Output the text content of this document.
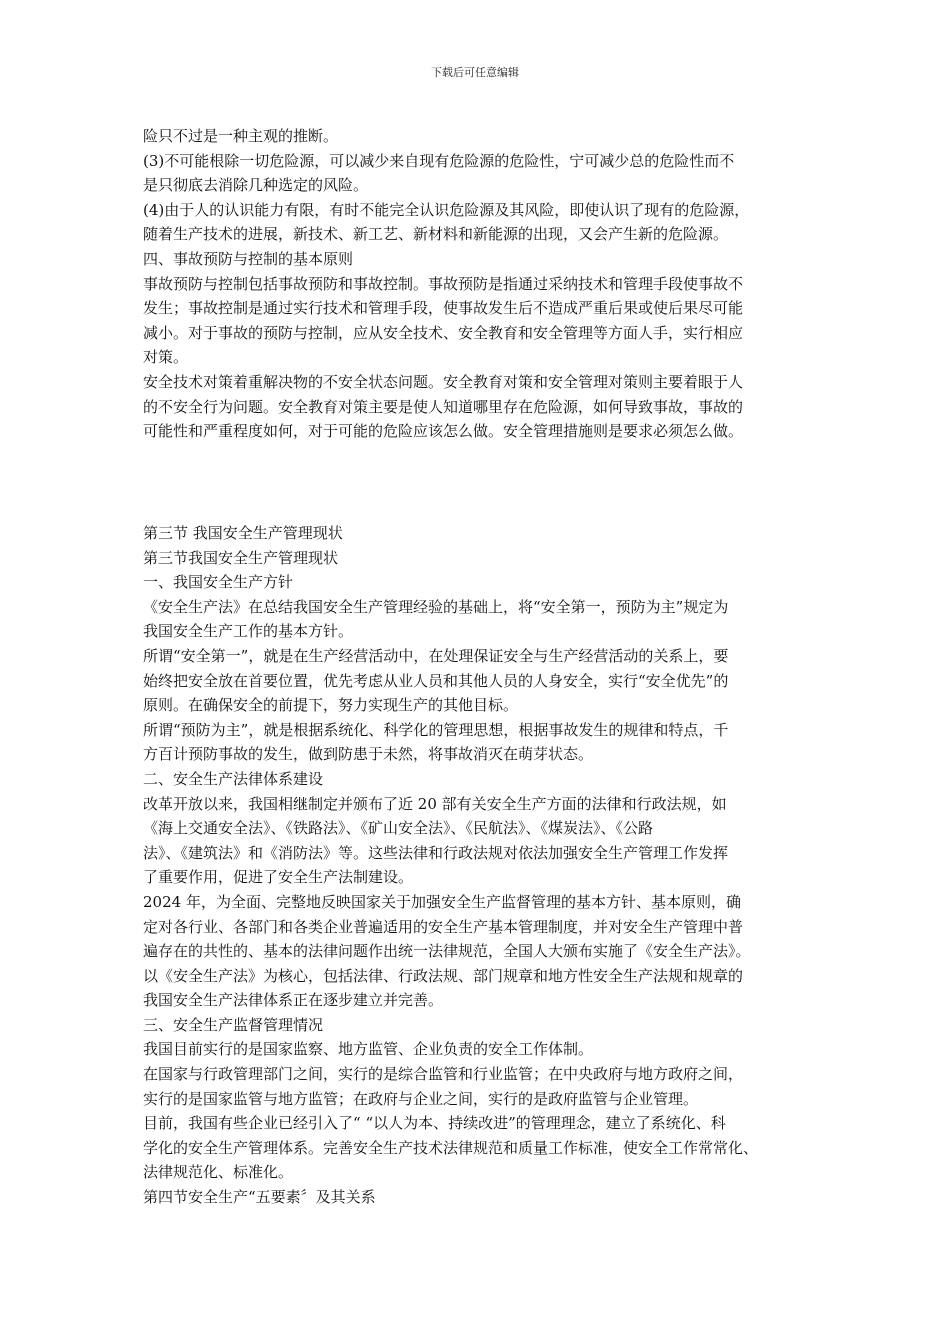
下载后可任意编辑
险只不过是一种主观的推断。
(3)不可能根除一切危险源，可以减少来自现有危险源的危险性，宁可减少总的危险性而不
是只彻底去消除几种选定的风险。
(4)由于人的认识能力有限，有时不能完全认识危险源及其风险，即使认识了现有的危险源，
随着生产技术的进展，新技术、新工艺、新材料和新能源的出现，又会产生新的危险源。
四、事故预防与控制的基本原则
事故预防与控制包括事故预防和事故控制。事故预防是指通过采纳技术和管理手段使事故不
发生；事故控制是通过实行技术和管理手段，使事故发生后不造成严重后果或使后果尽可能
减小。对于事故的预防与控制，应从安全技术、安全教育和安全管理等方面人手，实行相应
对策。
安全技术对策着重解决物的不安全状态问题。安全教育对策和安全管理对策则主要着眼于人
的不安全行为问题。安全教育对策主要是使人知道哪里存在危险源，如何导致事故，事故的
可能性和严重程度如何，对于可能的危险应该怎么做。安全管理措施则是要求必须怎么做。
第三节 我国安全生产管理现状
第三节我国安全生产管理现状
一、我国安全生产方针
《安全生产法》在总结我国安全生产管理经验的基础上，将“安全第一，预防为主”规定为
我国安全生产工作的基本方针。
所谓“安全第一”，就是在生产经营活动中，在处理保证安全与生产经营活动的关系上，要
始终把安全放在首要位置，优先考虑从业人员和其他人员的人身安全，实行“安全优先”的
原则。在确保安全的前提下，努力实现生产的其他目标。
所谓“预防为主”，就是根据系统化、科学化的管理思想，根据事故发生的规律和特点，千
方百计预防事故的发生，做到防患于未然，将事故消灭在萌芽状态。
二、安全生产法律体系建设
改革开放以来，我国相继制定并颁布了近 20 部有关安全生产方面的法律和行政法规，如
《海上交通安全法》、《铁路法》、《矿山安全法》、《民航法》、《煤炭法》、《公路
法》、《建筑法》和《消防法》等。这些法律和行政法规对依法加强安全生产管理工作发挥
了重要作用，促进了安全生产法制建设。
2024 年，为全面、完整地反映国家关于加强安全生产监督管理的基本方针、基本原则，确
定对各行业、各部门和各类企业普遍适用的安全生产基本管理制度，并对安全生产管理中普
遍存在的共性的、基本的法律问题作出统一法律规范，全国人大颁布实施了《安全生产法》。
以《安全生产法》为核心，包括法律、行政法规、部门规章和地方性安全生产法规和规章的
我国安全生产法律体系正在逐步建立并完善。
三、安全生产监督管理情况
我国目前实行的是国家监察、地方监管、企业负责的安全工作体制。
在国家与行政管理部门之间，实行的是综合监管和行业监管；在中央政府与地方政府之间，
实行的是国家监管与地方监管；在政府与企业之间，实行的是政府监管与企业管理。
目前，我国有些企业已经引入了“ “以人为本、持续改进”的管理理念，建立了系统化、科
学化的安全生产管理体系。完善安全生产技术法律规范和质量工作标准，使安全工作常常化、
法律规范化、标准化。
第四节安全生产“五要素〞及其关系
